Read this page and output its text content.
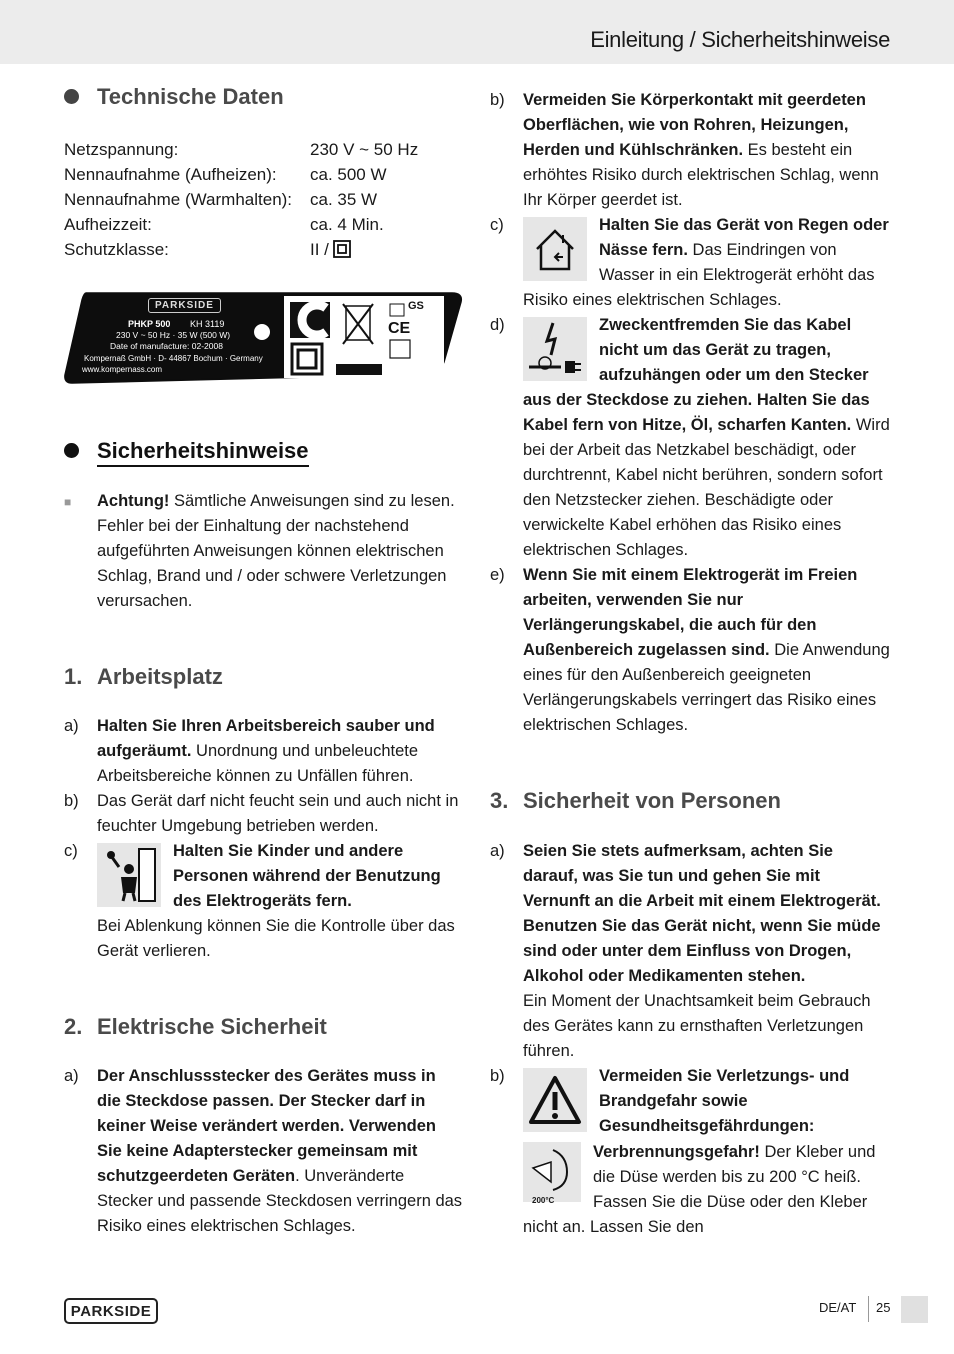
Einleitung / Sicherheitshinweise
Technische Daten
Netzspannung:	230 V ~ 50 Hz
Nennaufnahme (Aufheizen):	ca. 500 W
Nennaufnahme (Warmhalten):	ca. 35 W
Aufheizzeit:	ca. 4 Min.
Schutzklasse:	II /
PARKSIDE
PHKP 500 KH 3119
230 V ~ 50 Hz · 35 W (500 W)
Date of manufacture: 02-2008
Kompernaß GmbH · D- 44867 Bochum · Germany
www.kompernass.com
CE
GS
Sicherheitshinweise
■ Achtung! Sämtliche Anweisungen sind zu lesen. Fehler bei der Einhaltung der nachstehend aufgeführten Anweisungen können elektrischen Schlag, Brand und / oder schwere Verletzungen verursachen.
1. Arbeitsplatz
a) Halten Sie Ihren Arbeitsbereich sauber und aufgeräumt. Unordnung und unbeleuchtete Arbeitsbereiche können zu Unfällen führen.
b) Das Gerät darf nicht feucht sein und auch nicht in feuchter Umgebung betrieben werden.
c)	Halten Sie Kinder und andere Personen während der Benutzung des Elektrogeräts fern.
Bei Ablenkung können Sie die Kontrolle über das Gerät verlieren.
2. Elektrische Sicherheit
a) Der Anschlussstecker des Gerätes muss in die Steckdose passen. Der Stecker darf in keiner Weise verändert werden. Verwenden Sie keine Adapterstecker gemeinsam mit schutzgeerdeten Geräten. Unveränderte Stecker und passende Steckdosen verringern das Risiko eines elektrischen Schlages.
b) Vermeiden Sie Körperkontakt mit geerdeten Oberflächen, wie von Rohren, Heizungen, Herden und Kühlschränken. Es besteht ein erhöhtes Risiko durch elektrischen Schlag, wenn Ihr Körper geerdet ist.
c)	Halten Sie das Gerät von Regen oder Nässe fern. Das Eindringen von Wasser in ein Elektrogerät erhöht das Risiko eines elektrischen Schlages.
d)	Zweckentfremden Sie das Kabel nicht um das Gerät zu tragen, aufzuhängen oder um den Stecker aus der Steckdose zu ziehen. Halten Sie das Kabel fern von Hitze, Öl, scharfen Kanten. Wird bei der Arbeit das Netzkabel beschädigt, oder durchtrennt, Kabel nicht berühren, sondern sofort den Netzstecker ziehen. Beschädigte oder verwickelte Kabel erhöhen das Risiko eines elektrischen Schlages.
e) Wenn Sie mit einem Elektrogerät im Freien arbeiten, verwenden Sie nur Verlängerungskabel, die auch für den Außenbereich zugelassen sind. Die Anwendung eines für den Außenbereich geeigneten Verlängerungskabels verringert das Risiko eines elektrischen Schlages.
3. Sicherheit von Personen
a) Seien Sie stets aufmerksam, achten Sie darauf, was Sie tun und gehen Sie mit Vernunft an die Arbeit mit einem Elektrogerät. Benutzen Sie das Gerät nicht, wenn Sie müde sind oder unter dem Einfluss von Drogen, Alkohol oder Medikamenten stehen.
Ein Moment der Unachtsamkeit beim Gebrauch des Gerätes kann zu ernsthaften Verletzungen führen.
b)	Vermeiden Sie Verletzungs- und Brandgefahr sowie Gesundheitsgefährdungen:

200°C
Verbrennungsgefahr! Der Kleber und die Düse werden bis zu 200 °C heiß. Fassen Sie die Düse oder den Kleber nicht an. Lassen Sie den
PARKSIDE	DE/AT 25
